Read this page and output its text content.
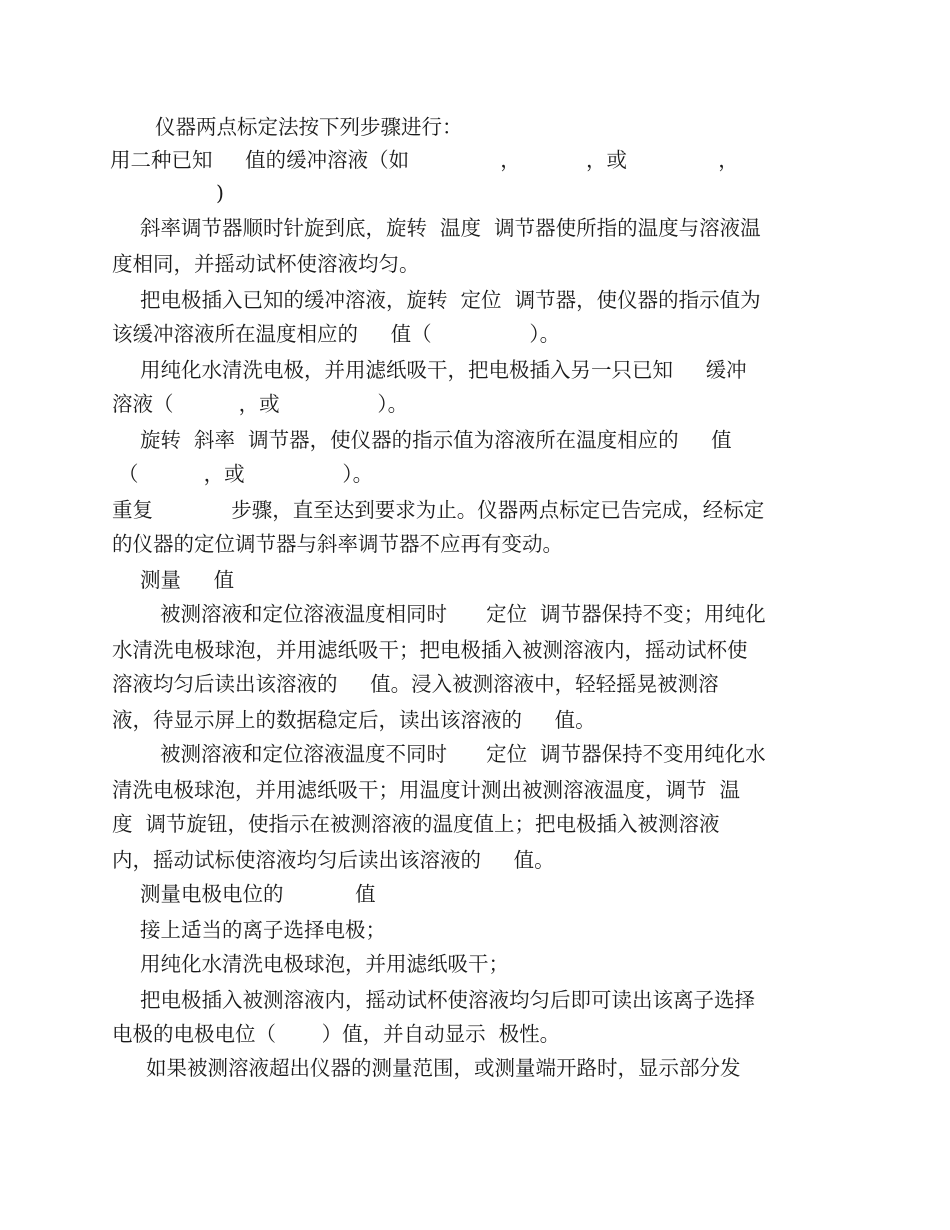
仪器两点标定法按下列步骤进行：
用二种已知     值的缓冲溶液（如              ，          ，或              ，
)
斜率调节器顺时针旋到底，旋转  温度  调节器使所指的温度与溶液温
度相同，并摇动试杯使溶液均匀。
把电极插入已知的缓冲溶液，旋转  定位  调节器，使仪器的指示值为
该缓冲溶液所在温度相应的     值（               ）。
用纯化水清洗电极，并用滤纸吸干，把电极插入另一只已知     缓冲
溶液（          ，或               ）。
旋转  斜率  调节器，使仪器的指示值为溶液所在温度相应的     值
（          ，或               ）。
重复            步骤，直至达到要求为止。仪器两点标定已告完成，经标定
的仪器的定位调节器与斜率调节器不应再有变动。
测量     值
被测溶液和定位溶液温度相同时      定位  调节器保持不变；用纯化
水清洗电极球泡，并用滤纸吸干；把电极插入被测溶液内，摇动试杯使
溶液均匀后读出该溶液的     值。浸入被测溶液中，轻轻摇晃被测溶
液，待显示屏上的数据稳定后，读出该溶液的     值。
被测溶液和定位溶液温度不同时      定位  调节器保持不变用纯化水
清洗电极球泡，并用滤纸吸干；用温度计测出被测溶液温度，调节  温
度  调节旋钮，使指示在被测溶液的温度值上；把电极插入被测溶液
内，摇动试标使溶液均匀后读出该溶液的     值。
测量电极电位的           值
接上适当的离子选择电极；
用纯化水清洗电极球泡，并用滤纸吸干；
把电极插入被测溶液内，摇动试杯使溶液均匀后即可读出该离子选择
电极的电极电位（       ）值，并自动显示  极性。
如果被测溶液超出仪器的测量范围，或测量端开路时，显示部分发
